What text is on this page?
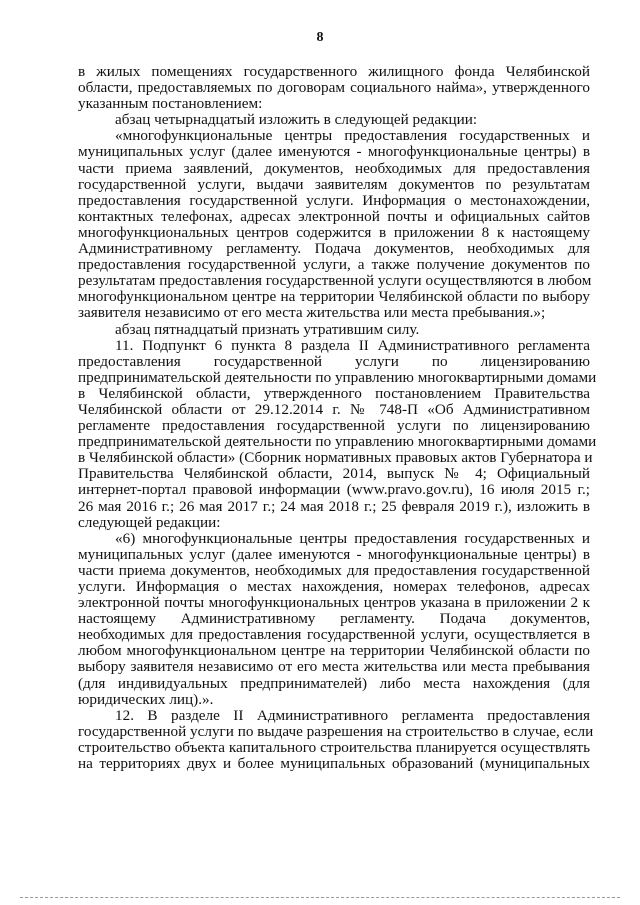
8
в жилых помещениях государственного жилищного фонда Челябинской
области, предоставляемых по договорам социального найма», утвержденного
указанным постановлением:
абзац четырнадцатый изложить в следующей редакции:
«многофункциональные центры предоставления государственных и
муниципальных услуг (далее именуются - многофункциональные центры) в
части приема заявлений, документов, необходимых для предоставления
государственной услуги, выдачи заявителям документов по результатам
предоставления государственной услуги. Информация о местонахождении,
контактных телефонах, адресах электронной почты и официальных сайтов
многофункциональных центров содержится в приложении 8 к настоящему
Административному регламенту. Подача документов, необходимых для
предоставления государственной услуги, а также получение документов по
результатам предоставления государственной услуги осуществляются в любом
многофункциональном центре на территории Челябинской области по выбору
заявителя независимо от его места жительства или места пребывания.»;
абзац пятнадцатый признать утратившим силу.
11. Подпункт 6 пункта 8 раздела II Административного регламента
предоставления государственной услуги по лицензированию
предпринимательской деятельности по управлению многоквартирными домами
в Челябинской области, утвержденного постановлением Правительства
Челябинской области от 29.12.2014 г. № 748-П «Об Административном
регламенте предоставления государственной услуги по лицензированию
предпринимательской деятельности по управлению многоквартирными домами
в Челябинской области» (Сборник нормативных правовых актов Губернатора и
Правительства Челябинской области, 2014, выпуск № 4; Официальный
интернет-портал правовой информации (www.pravo.gov.ru), 16 июля 2015 г.;
26 мая 2016 г.; 26 мая 2017 г.; 24 мая 2018 г.; 25 февраля 2019 г.), изложить в
следующей редакции:
«6) многофункциональные центры предоставления государственных и
муниципальных услуг (далее именуются - многофункциональные центры) в
части приема документов, необходимых для предоставления государственной
услуги. Информация о местах нахождения, номерах телефонов, адресах
электронной почты многофункциональных центров указана в приложении 2 к
настоящему Административному регламенту. Подача документов,
необходимых для предоставления государственной услуги, осуществляется в
любом многофункциональном центре на территории Челябинской области по
выбору заявителя независимо от его места жительства или места пребывания
(для индивидуальных предпринимателей) либо места нахождения (для
юридических лиц).».
12. В разделе II Административного регламента предоставления
государственной услуги по выдаче разрешения на строительство в случае, если
строительство объекта капитального строительства планируется осуществлять
на территориях двух и более муниципальных образований (муниципальных
